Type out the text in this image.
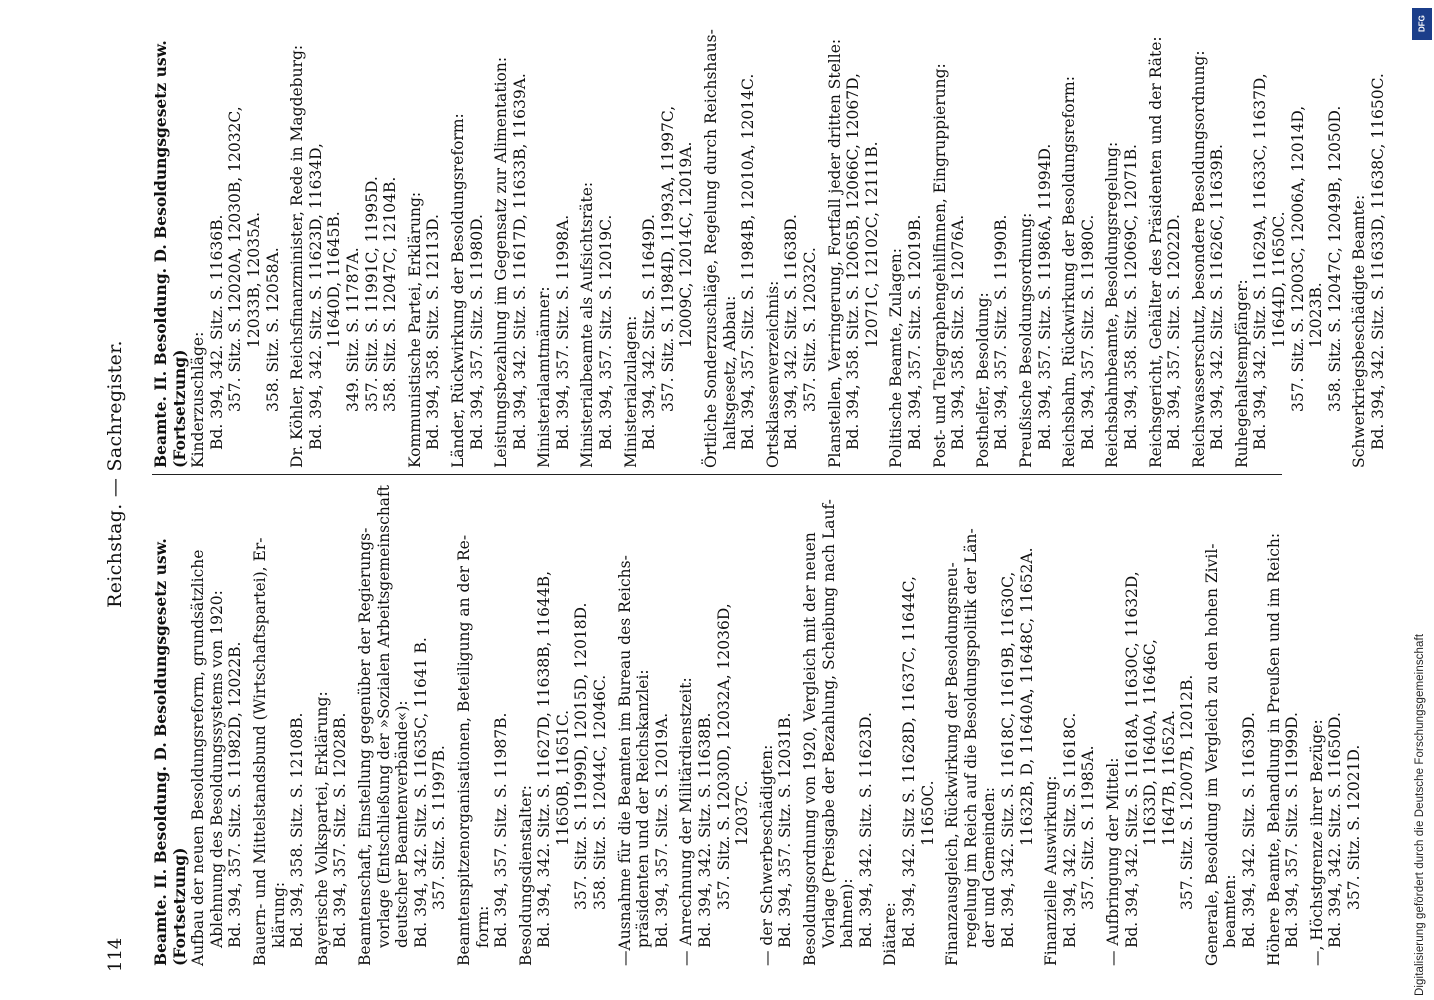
114
Reichstag. — Sachregister.
Beamte. II. Besoldung. D. Besoldungsgesetz usw. (Fortsetzung) Aufbau der neuen Besoldungsreform, grundsätzliche Ablehnung des Besoldungssystems von 1920: Bd. 394, 357. Sitz. S. 11982D, 12022B. Bauern- und Mittelstandsbund (Wirtschaftspartei), Er- klärung: Bd. 394, 358. Sitz. S. 12108B. Bayerische Volkspartei, Erklärung: Bd. 394, 357. Sitz. S. 12028B. Beamtenschaft, Einstellung gegenüber der Regierungs- vorlage (Entschließung der »Sozialen Arbeitsgemeinschaft deutscher Beamtenverbände«): Bd. 394, 342. Sitz. S. 11635C, 11641 B. 357. Sitz. S. 11997B. Beamtenspitzenorganisationen, Beteiligung an der Re- form: Bd. 394, 357. Sitz. S. 11987B. Besoldungsdienstalter: Bd. 394, 342. Sitz. S. 11627D, 11638B, 11644B, 11650B, 11651C. 357. Sitz. S. 11999D, 12015D, 12018D. 358. Sitz. S. 12044C, 12046C. —Ausnahme für die Beamten im Bureau des Reichs- präsidenten und der Reichskanzlei: Bd. 394, 357. Sitz. S. 12019A. — Anrechnung der Militärdienstzeit: Bd. 394, 342. Sitz. S. 11638B. 357. Sitz. S. 12030D, 12032A, 12036D, 12037C. — der Schwerbeschädigten: Bd. 394, 357. Sitz. S. 12031B. Besoldungsordnung von 1920, Vergleich mit der neuen Vorlage (Preisgabe der Bezahlung, Scheibung nach Lauf- bahnen): Bd. 394, 342. Sitz. S. 11623D. Diätare: Bd. 394, 342. Sitz S. 11628D, 11637C, 11644C, 11650C. Finanzausgleich, Rückwirkung der Besoldungsneu- regelung im Reich auf die Besoldungspolitik der Län- der und Gemeinden: Bd. 394, 342. Sitz. S. 11618C, 11619B, 11630C, 11632B, D, 11640A, 11648C, 11652A.
Finanzielle Auswirkung: Bd. 394, 342. Sitz. S. 11618C. 357. Sitz. S. 11985A. — Aufbringung der Mittel: Bd. 394, 342. Sitz. S. 11618A, 11630C, 11632D, 11633D, 11640A, 11646C, 11647B, 11652A. 357. Sitz. S. 12007B, 12012B. Generale, Besoldung im Vergleich zu den hohen Zivil- beamten: Bd. 394, 342. Sitz. S. 11639D. Höhere Beamte, Behandlung in Preußen und im Reich: Bd. 394, 357. Sitz. S. 11999D. —, Höchstgrenze ihrer Bezüge: Bd. 394, 342. Sitz. S. 11650D. 357. Sitz. S. 12021D.
Beamte. II. Besoldung. D. Besoldungsgesetz usw. (Fortsetzung) Kinderzuschläge: Bd. 394, 342. Sitz. S. 11636B. 357. Sitz. S. 12020A, 12030B, 12032C, 12033B, 12035A. 358. Sitz. S. 12058A. Dr. Köhler, Reichsfinanzminister, Rede in Magdeburg: Bd. 394, 342. Sitz. S. 11623D, 11634D, 11640D, 11645B. 349. Sitz. S. 11787A. 357. Sitz. S. 11991C, 11995D. 358. Sitz. S. 12047C, 12104B. Kommunistische Partei, Erklärung: Bd. 394, 358. Sitz. S. 12113D. Länder, Rückwirkung der Besoldungsreform: Bd. 394, 357. Sitz. S. 11980D. Leistungsbezahlung im Gegensatz zur Alimentation: Bd. 394, 342. Sitz. S. 11617D, 11633B, 11639A. Ministerialamtmänner: Bd. 394, 357. Sitz. S. 11998A. Ministerialbeamte als Aufsichtsräte: Bd. 394, 357. Sitz. S. 12019C. Ministerialzulagen: Bd. 394, 342. Sitz. S. 11649D. 357. Sitz. S. 11984D, 11993A, 11997C, 12009C, 12014C, 12019A. Örtliche Sonderzuschläge, Regelung durch Reichshaus- haltsgesetz, Abbau: Bd. 394, 357. Sitz. S. 11984B, 12010A, 12014C. Ortsklassenverzeichnis: Bd. 394, 342. Sitz. S. 11638D. 357. Sitz. S. 12032C. Planstellen, Verringerung, Fortfall jeder dritten Stelle: Bd. 394, 358. Sitz. S. 12065B, 12066C, 12067D, 12071C, 12102C, 12111B.
Politische Beamte, Zulagen: Bd. 394, 357. Sitz. S. 12019B. Post- und Telegraphengehilfinnen, Eingruppierung: Bd. 394, 358. Sitz. S. 12076A. Posthelfer, Besoldung: Bd. 394, 357. Sitz. S. 11990B. Preußische Besoldungsordnung: Bd. 394, 357. Sitz. S. 11986A, 11994D. Reichsbahn, Rückwirkung der Besoldungsreform: Bd. 394, 357. Sitz. S. 11980C. Reichsbahnbeamte, Besoldungsregelung: Bd. 394, 358. Sitz. S. 12069C, 12071B. Reichsgericht, Gehälter des Präsidenten und der Räte: Bd. 394, 357. Sitz. S. 12022D. Reichswasserschutz, besondere Besoldungsordnung: Bd. 394, 342. Sitz. S. 11626C, 11639B. Ruhegehaltsempfänger: Bd. 394, 342. Sitz. S. 11629A, 11633C, 11637D, 11644D, 11650C. 357. Sitz. S. 12003C, 12006A, 12014D, 12023B. 358. Sitz. S. 12047C, 12049B, 12050D. Schwerkriegsbeschädigte Beamte: Bd. 394, 342. Sitz. S. 11633D, 11638C, 11650C.
DFG
Digitalisierung gefördert durch die Deutsche Forschungsgemeinschaft
